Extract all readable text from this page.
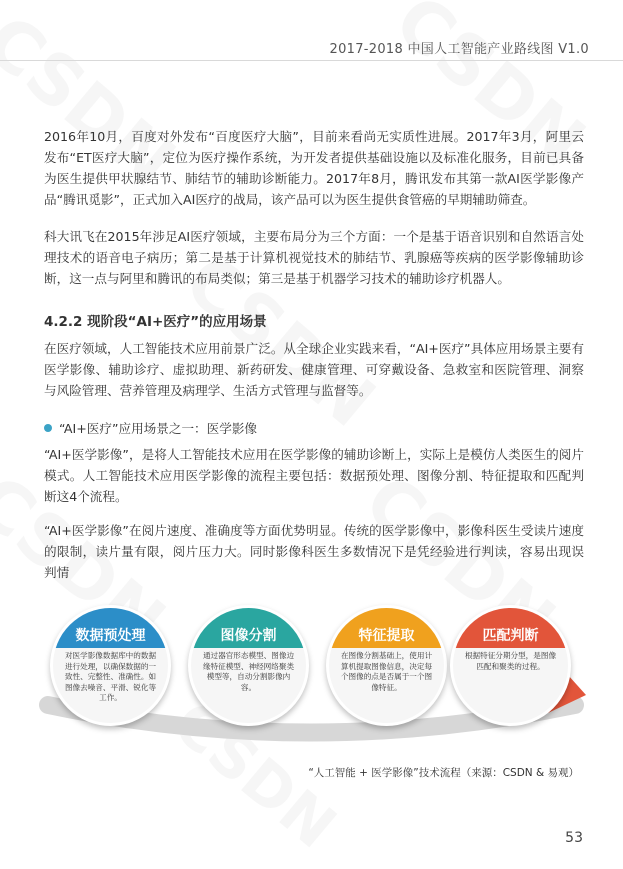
2017-2018 中国人工智能产业路线图 V1.0

2016年10月，百度对外发布“百度医疗大脑”，目前来看尚无实质性进展。2017年3月，阿里云发布“ET医疗大脑”，定位为医疗操作系统，为开发者提供基础设施以及标准化服务，目前已具备为医生提供甲状腺结节、肺结节的辅助诊断能力。2017年8月，腾讯发布其第一款AI医学影像产品“腾讯觅影”，正式加入AI医疗的战局，该产品可以为医生提供食管癌的早期辅助筛查。

科大讯飞在2015年涉足AI医疗领域，主要布局分为三个方面：一个是基于语音识别和自然语言处理技术的语音电子病历；第二是基于计算机视觉技术的肺结节、乳腺癌等疾病的医学影像辅助诊断，这一点与阿里和腾讯的布局类似；第三是基于机器学习技术的辅助诊疗机器人。

4.2.2 现阶段“AI+医疗”的应用场景

在医疗领域，人工智能技术应用前景广泛。从全球企业实践来看，“AI+医疗”具体应用场景主要有医学影像、辅助诊疗、虚拟助理、新药研发、健康管理、可穿戴设备、急救室和医院管理、洞察与风险管理、营养管理及病理学、生活方式管理与监督等。

“AI+医疗”应用场景之一：医学影像

“AI+医学影像”，是将人工智能技术应用在医学影像的辅助诊断上，实际上是模仿人类医生的阅片模式。人工智能技术应用医学影像的流程主要包括：数据预处理、图像分割、特征提取和匹配判断这4个流程。

“AI+医学影像”在阅片速度、准确度等方面优势明显。传统的医学影像中，影像科医生受读片速度的限制，读片量有限，阅片压力大。同时影像科医生多数情况下是凭经验进行判读，容易出现误判情

数据预处理
对医学影像数据库中的数据进行处理，以确保数据的一致性、完整性、准确性。如图像去噪音、平滑、锐化等工作。
图像分割
通过器官形态模型、图像边缘特征模型、神经网络聚类模型等，自动分割影像内容。
特征提取
在图像分割基础上，使用计算机提取图像信息，决定每个图像的点是否属于一个图像特征。
匹配判断
根据特征分期分型，是图像匹配和聚类的过程。
“人工智能 + 医学影像”技术流程（来源：CSDN & 易观）
53
